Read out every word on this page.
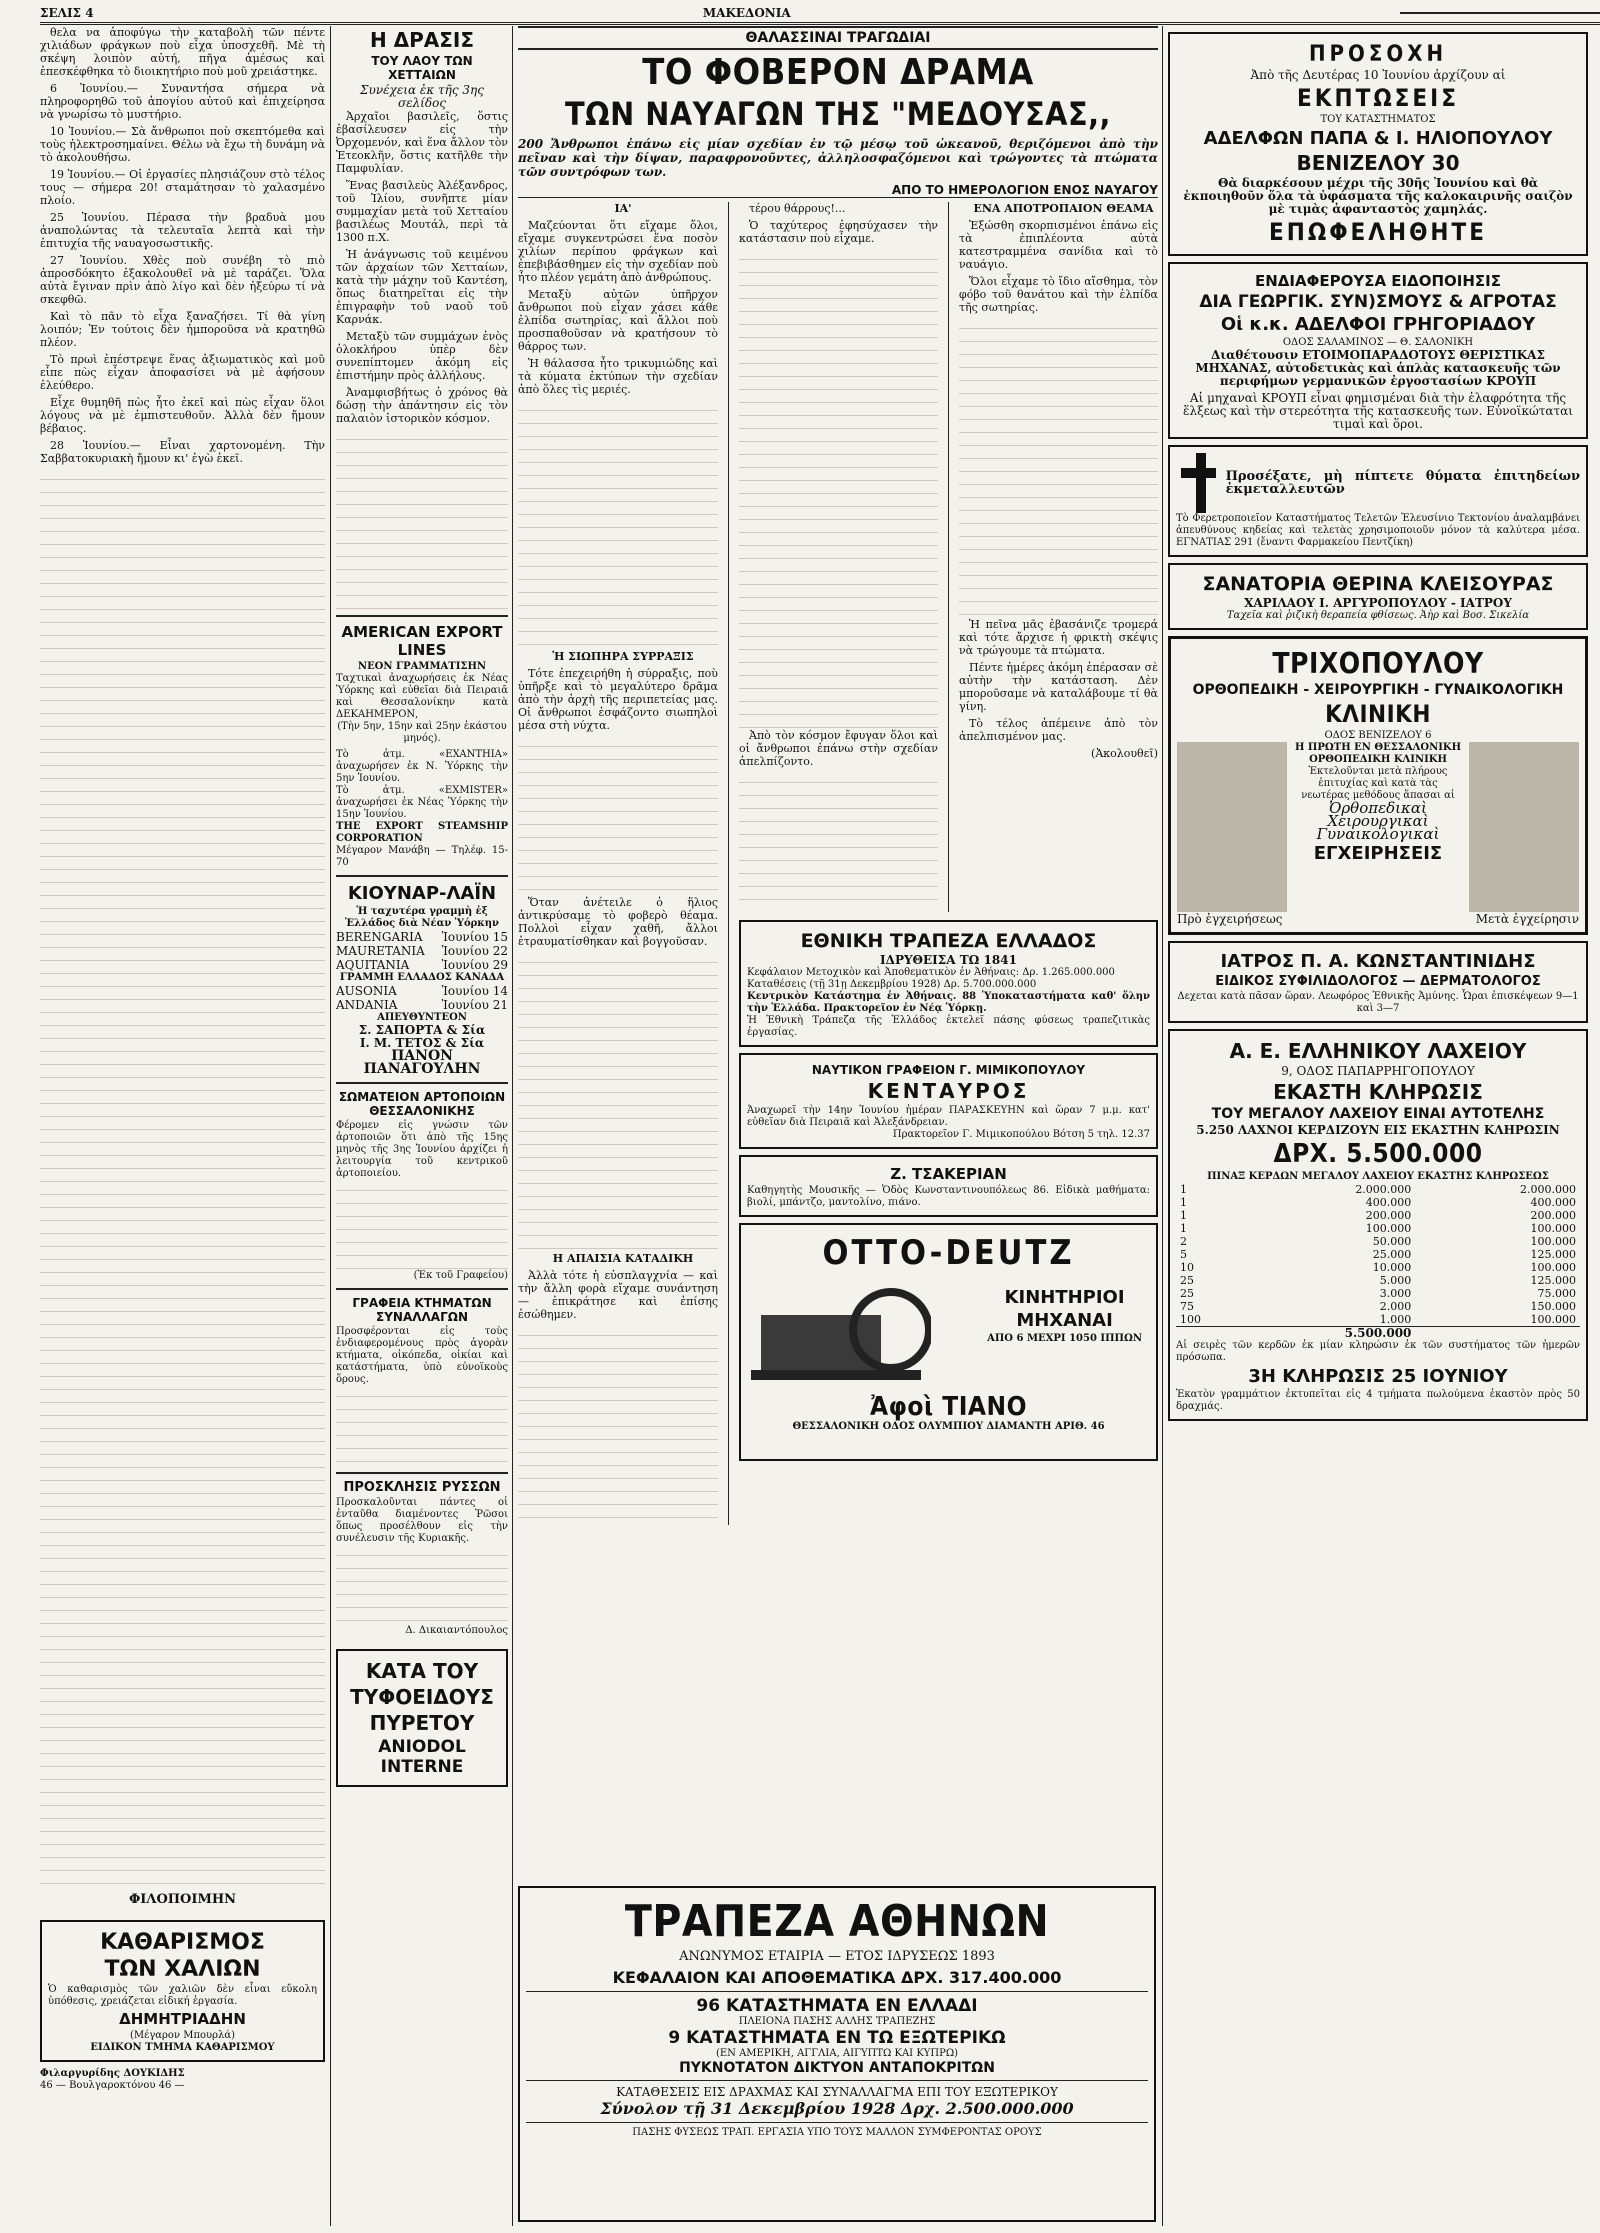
ΣΕΛΙΣ 4	ΜΑΚΕΔΟΝΙΑ

θελα να ἀποφύγω τὴν καταβολὴ τῶν πέντε χιλιάδων φράγκων ποὺ εἶχα ὑποσχεθῆ. Μὲ τὴ σκέψη λοιπὸν αὐτή, πῆγα ἀμέσως καὶ ἐπεσκέφθηκα τὸ διοικητήριο ποὺ μοῦ χρειάστηκε.

6 Ἰουνίου.— Συναντήσα σήμερα νὰ πληροφορηθῶ τοῦ ἀπογίου αὐτοῦ καὶ ἐπιχείρησα νὰ γνωρίσω τὸ μυστήριο.

10 Ἰουνίου.— Σὰ ἄνθρωποι ποὺ σκεπτόμεθα καὶ τοὺς ἠλεκτροσημαίνει. Θέλω νὰ ἔχω τὴ δυνάμη νὰ τὸ ἀκολουθήσω.

19 Ἰουνίου.— Οἱ ἐργασίες πλησιάζουν στὸ τέλος τους — σήμερα 20! σταμάτησαν τὸ χαλασμένο πλοίο.

25 Ἰουνίου. Πέρασα τὴν βραδυὰ μου ἀναπολώντας τὰ τελευταῖα λεπτὰ καὶ τὴν ἐπιτυχία τῆς ναυαγοσωστικῆς.

27 Ἰουνίου. Χθὲς ποὺ συνέβη τὸ πιὸ ἀπροσδόκητο ἐξακολουθεῖ νὰ μὲ ταράζει. Ὅλα αὐτὰ ἔγιναν πρὶν ἀπὸ λίγο καὶ δὲν ἠξεύρω τί νὰ σκεφθῶ.

Καὶ τὸ πᾶν τὸ εἶχα ξαναζήσει. Τί θὰ γίνη λοιπόν; Ἐν τούτοις δὲν ἠμποροῦσα νὰ κρατηθῶ πλέον.

Τὸ πρωὶ ἐπέστρεψε ἕνας ἀξιωματικὸς καὶ μοῦ εἶπε πὼς εἶχαν ἀποφασίσει νὰ μὲ ἀφήσουν ἐλεύθερο.

Εἶχε θυμηθῆ πὼς ἦτο ἐκεῖ καὶ πὼς εἶχαν ὅλοι λόγους νὰ μὲ ἐμπιστευθοῦν. Ἀλλὰ δὲν ἤμουν βέβαιος.

28 Ἰουνίου.— Εἶναι χαρτονομένη. Τὴν Σαββατοκυριακὴ ἤμουν κι' ἐγὼ ἐκεῖ.

ΦΙΛΟΠΟΙΜΗΝ
ΚΑΘΑΡΙΣΜΟΣ
ΤΩΝ ΧΑΛΙΩΝ
Ὁ καθαρισμὸς τῶν χαλιῶν δὲν εἶναι εὔκολη ὑπόθεσις, χρειάζεται εἰδική ἐργασία.
ΔΗΜΗΤΡΙΑΔΗΝ
(Μέγαρον Μπουρλά)
ΕΙΔΙΚΟΝ ΤΜΗΜΑ ΚΑΘΑΡΙΣΜΟΥ
Φιλαργυρίδης ΔΟΥΚΙΔΗΣ
46 — Βουλγαροκτόνου 46 —
Η ΔΡΑΣΙΣ
ΤΟΥ ΛΑΟΥ ΤΩΝ ΧΕΤΤΑΙΩΝ
Συνέχεια ἐκ τῆς 3ης σελίδος

Ἀρχαῖοι βασιλεῖς, ὅστις ἐβασίλευσεν εἰς τὴν Ὀρχομενόν, καὶ ἕνα ἄλλον τὸν Ἐτεοκλῆν, ὅστις κατῆλθε τὴν Παμφυλίαν.

Ἕνας βασιλεὺς Ἀλέξανδρος, τοῦ Ἰλίου, συνῆπτε μίαν συμμαχίαν μετὰ τοῦ Χετταίου βασιλέως Μουτάλ, περὶ τὰ 1300 π.Χ.

Ἡ ἀνάγνωσις τοῦ κειμένου τῶν ἀρχαίων τῶν Χετταίων, κατὰ τὴν μάχην τοῦ Καντέση, ὅπως διατηρεῖται εἰς τὴν ἐπιγραφὴν τοῦ ναοῦ τοῦ Καρνάκ.

Μεταξὺ τῶν συμμάχων ἐνὸς ὁλοκλήρου ὑπὲρ δὲν συνεπίπτομεν ἀκόμη εἰς ἐπιστήμην πρὸς ἀλλήλους.

Ἀναμφισβήτως ὁ χρόνος θὰ δώσῃ τὴν ἀπάντησιν εἰς τὸν παλαιὸν ἱστορικὸν κόσμον.

AMERICAN EXPORT LINES
ΝΕΟΝ ΓΡΑΜΜΑΤΙΣΗΝ
Ταχτικαὶ ἀναχωρήσεις ἐκ Νέας Ὑόρκης καὶ εὐθεῖαι διὰ Πειραιᾶ καὶ Θεσσαλονίκην κατὰ ΔΕΚΑΗΜΕΡΟΝ,
(Τὴν 5ην, 15ην καὶ 25ην ἑκάστου μηνός).
Τὸ ἀτμ. «EXANTHIA» ἀναχωρήσεν ἐκ Ν. Ὑόρκης τὴν 5ην Ἰουνίου.
Τὸ ἀτμ. «EXMISTER» ἀναχωρήσει ἐκ Νέας Ὑόρκης τὴν 15ην Ἰουνίου.
THE EXPORT STEAMSHIP CORPORATION
Μέγαρον Μανάβη — Τηλέφ. 15-70
ΚΙΟΥΝΑΡ-ΛΑΪΝ
Ἡ ταχυτέρα γραμμὴ ἐξ Ἑλλάδος διὰ Νέαν Ὑόρκην
BERENGARIA Ἰουνίου 15
MAURETANIA Ἰουνίου 22
AQUITANIA	Ἰουνίου 29
ΓΡΑΜΜΗ ΕΛΛΑΔΟΣ ΚΑΝΑΔΑ
AUSONIA	Ἰουνίου 14
ANDANIA	Ἰουνίου 21
ΑΠΕΥΘΥΝΤΕΟΝ
Σ. ΣΑΠΟΡΤΑ & Σία
Ι. Μ. ΤΕΤΟΣ & Σία
ΠΑΝΟΝ ΠΑΝΑΓΟΥΛΗΝ
ΣΩΜΑΤΕΙΟΝ ΑΡΤΟΠΟΙΩΝ ΘΕΣΣΑΛΟΝΙΚΗΣ
Φέρομεν εἰς γνώσιν τῶν ἀρτοποιῶν ὅτι ἀπὸ τῆς 15ης μηνὸς τῆς 3ης Ἰουνίου ἀρχίζει ἡ λειτουργία τοῦ κεντρικοῦ ἀρτοποιείου.
(Ἐκ τοῦ Γραφείου)
ΓΡΑΦΕΙΑ ΚΤΗΜΑΤΩΝ ΣΥΝΑΛΛΑΓΩΝ
Προσφέρονται εἰς τοὺς ἐνδιαφερομένους πρὸς ἀγορὰν κτήματα, οἰκόπεδα, οἰκίαι καὶ κατάστήματα, ὑπὸ εὐνοϊκοὺς ὅρους.
ΠΡΟΣΚΛΗΣΙΣ ΡΥΣΣΩΝ
Προσκαλοῦνται πάντες οἱ ἐνταῦθα διαμένοντες Ῥῶσοι ὅπως προσέλθουν εἰς τὴν συνέλευσιν τῆς Κυριακῆς.
Δ. Δικαιαντόπουλος
ΚΑΤΑ ΤΟΥ
ΤΥΦΟΕΙΔΟΥΣ
ΠΥΡΕΤΟΥ
ANIODOL INTERNE
ΘΑΛΑΣΣΙΝΑΙ ΤΡΑΓΩΔΙΑΙ
ΤΟ ΦΟΒΕΡΟΝ ΔΡΑΜΑ
ΤΩΝ ΝΑΥΑΓΩΝ ΤΗΣ "ΜΕΔΟΥΣΑΣ,,
200 Ἄνθρωποι ἐπάνω εἰς μίαν σχεδίαν ἐν τῷ μέσῳ τοῦ ὠκεανοῦ, θεριζόμενοι ἀπὸ τὴν πεῖναν καὶ τὴν δίψαν, παραφρονοῦντες, ἀλληλοσφαζόμενοι καὶ τρώγοντες τὰ πτώματα τῶν συντρόφων των.
ΑΠΟ ΤΟ ΗΜΕΡΟΛΟΓΙΟΝ ΕΝΟΣ ΝΑΥΑΓΟΥ

ΙΑ'

Μαζεύονται ὅτι εἴχαμε ὅλοι, εἴχαμε συγκεντρώσει ἕνα ποσὸν χιλίων περίπου φράγκων καὶ ἐπεβιβάσθημεν εἰς τὴν σχεδίαν ποὺ ἦτο πλέον γεμάτη ἀπὸ ἀνθρώπους.

Μεταξὺ αὐτῶν ὑπῆρχον ἄνθρωποι ποὺ εἶχαν χάσει κάθε ἐλπίδα σωτηρίας, καὶ ἄλλοι ποὺ προσπαθοῦσαν νὰ κρατήσουν τὸ θάρρος των.

Ἡ θάλασσα ἦτο τρικυμιώδης καὶ τὰ κύματα ἐκτύπων τὴν σχεδίαν ἀπὸ ὅλες τὶς μεριές.

Ἡ ΣΙΩΠΗΡΑ ΣΥΡΡΑΞΙΣ

Τότε ἐπεχειρήθη ἡ σύρραξις, ποὺ ὑπῆρξε καὶ τὸ μεγαλύτερο δρᾶμα ἀπὸ τὴν ἀρχὴ τῆς περιπετείας μας. Οἱ ἄνθρωποι ἐσφάζοντο σιωπηλοὶ μέσα στὴ νύχτα.

Ὅταν ἀνέτειλε ὁ ἥλιος ἀντικρύσαμε τὸ φοβερὸ θέαμα. Πολλοὶ εἶχαν χαθῆ, ἄλλοι ἐτραυματίσθηκαν καὶ βογγοῦσαν.

Η ΑΠΑΙΣΙΑ ΚΑΤΑΔΙΚΗ

Ἀλλὰ τότε ἡ εὐσπλαγχνία — καὶ τὴν ἄλλη φορὰ εἴχαμε συνάντηση — ἐπικράτησε καὶ ἐπίσης ἐσώθημεν.

τέρου θάρρους!...

Ὁ ταχύτερος ἐφησύχασεν τὴν κατάστασιν ποὺ εἶχαμε.

Ἀπὸ τὸν κόσμον ἔφυγαν ὅλοι καὶ οἱ ἄνθρωποι ἐπάνω στὴν σχεδίαν ἀπελπίζοντο.

ΕΝΑ ΑΠΟΤΡΟΠΑΙΟΝ ΘΕΑΜΑ

Ἐξώσθη σκορπισμένοι ἐπάνω εἰς τὰ ἐπιπλέοντα αὐτὰ κατεστραμμένα σανίδια καὶ τὸ ναυάγιο.

Ὅλοι εἶχαμε τὸ ἴδιο αἴσθημα, τὸν φόβο τοῦ θανάτου καὶ τὴν ἐλπίδα τῆς σωτηρίας.

Ἡ πεῖνα μᾶς ἐβασάνιζε τρομερά καὶ τότε ἄρχισε ἡ φρικτὴ σκέψις νὰ τρώγουμε τὰ πτώματα.

Πέντε ἡμέρες ἀκόμη ἐπέρασαν σὲ αὐτὴν τὴν κατάσταση. Δὲν μποροῦσαμε νὰ καταλάβουμε τί θὰ γίνη.

Τὸ τέλος ἀπέμεινε ἀπὸ τὸν ἀπελπισμένον μας.

(Ἀκολουθεῖ)
ΕΘΝΙΚΗ ΤΡΑΠΕΖΑ ΕΛΛΑΔΟΣ
ΙΔΡΥΘΕΙΣΑ ΤΩ 1841
Κεφάλαιον Μετοχικὸν καὶ Ἀποθεματικὸν ἐν Ἀθήναις: Δρ. 1.265.000.000
Καταθέσεις (τῇ 31ῃ Δεκεμβρίου 1928) Δρ. 5.700.000.000
Κεντρικὸν Κατάστημα ἐν Ἀθήναις. 88 Ὑποκαταστήματα καθ' ὅλην τὴν Ἑλλάδα. Πρακτορεῖον ἐν Νέᾳ Ὑόρκῃ.
Ἡ Ἐθνικὴ Τράπεζα τῆς Ἑλλάδος ἐκτελεῖ πάσης φύσεως τραπεζιτικὰς ἐργασίας.
ΝΑΥΤΙΚΟΝ ΓΡΑΦΕΙΟΝ Γ. ΜΙΜΙΚΟΠΟΥΛΟΥ
ΚΕΝΤΑΥΡΟΣ
Ἀναχωρεῖ τὴν 14ην Ἰουνίου ἡμέραν ΠΑΡΑΣΚΕΥΗΝ καὶ ὥραν 7 μ.μ. κατ' εὐθεῖαν διὰ Πειραιᾶ καὶ Ἀλεξάνδρειαν.
Πρακτορεῖον Γ. Μιμικοπούλου Βότση 5 τηλ. 12.37
Ζ. ΤΣΑΚΕΡΙΑΝ
Καθηγητὴς Μουσικῆς — Ὁδὸς Κωνσταντινουπόλεως 86. Εἰδικὰ μαθήματα: βιολί, μπάντζο, μαντολίνο, πιάνο.
OTTO-DEUTZ
ΚΙΝΗΤΗΡΙΟΙ
ΜΗΧΑΝΑΙ
ΑΠΟ 6 ΜΕΧΡΙ 1050 ΙΠΠΩΝ
Ἀφοὶ ΤΙΑΝΟ
ΘΕΣΣΑΛΟΝΙΚΗ ΟΔΟΣ ΟΛΥΜΠΙΟΥ ΔΙΑΜΑΝΤΗ ΑΡΙΘ. 46
ΤΡΑΠΕΖΑ ΑΘΗΝΩΝ
ΑΝΩΝΥΜΟΣ ΕΤΑΙΡΙΑ — ΕΤΟΣ ΙΔΡΥΣΕΩΣ 1893
ΚΕΦΑΛΑΙΟΝ ΚΑΙ ΑΠΟΘΕΜΑΤΙΚΑ ΔΡΧ. 317.400.000
96 ΚΑΤΑΣΤΗΜΑΤΑ ΕΝ ΕΛΛΑΔΙ
ΠΛΕΙΟΝΑ ΠΑΣΗΣ ΑΛΛΗΣ ΤΡΑΠΕΖΗΣ
9 ΚΑΤΑΣΤΗΜΑΤΑ ΕΝ ΤΩ ΕΞΩΤΕΡΙΚΩ
(ΕΝ ΑΜΕΡΙΚΗ, ΑΓΓΛΙΑ, ΑΙΓΥΠΤΩ ΚΑΙ ΚΥΠΡΩ)
ΠΥΚΝΟΤΑΤΟΝ ΔΙΚΤΥΟΝ ΑΝΤΑΠΟΚΡΙΤΩΝ
ΚΑΤΑΘΕΣΕΙΣ ΕΙΣ ΔΡΑΧΜΑΣ ΚΑΙ ΣΥΝΑΛΛΑΓΜΑ ΕΠΙ ΤΟΥ ΕΞΩΤΕΡΙΚΟΥ
Σύνολον τῇ 31 Δεκεμβρίου 1928 Δρχ. 2.500.000.000
ΠΑΣΗΣ ΦΥΣΕΩΣ ΤΡΑΠ. ΕΡΓΑΣΙΑ ΥΠΟ ΤΟΥΣ ΜΑΛΛΟΝ ΣΥΜΦΕΡΟΝΤΑΣ ΟΡΟΥΣ
ΠΡΟΣΟΧΗ
Ἀπὸ τῆς Δευτέρας 10 Ἰουνίου ἀρχίζουν αἱ
ΕΚΠΤΩΣΕΙΣ
ΤΟΥ ΚΑΤΑΣΤΗΜΑΤΟΣ
ΑΔΕΛΦΩΝ ΠΑΠΑ & Ι. ΗΛΙΟΠΟΥΛΟΥ
ΒΕΝΙΖΕΛΟΥ 30
Θὰ διαρκέσουν μέχρι τῆς 30ῆς Ἰουνίου καὶ θὰ ἐκποιηθοῦν ὅλα τὰ ὑφάσματα τῆς καλοκαιρινῆς σαιζὸν μὲ τιμὰς ἀφανταστὸς χαμηλάς.
ΕΠΩΦΕΛΗΘΗΤΕ
ΕΝΔΙΑΦΕΡΟΥΣΑ ΕΙΔΟΠΟΙΗΣΙΣ
ΔΙΑ ΓΕΩΡΓΙΚ. ΣΥΝ)ΣΜΟΥΣ & ΑΓΡΟΤΑΣ
Οἱ κ.κ. ΑΔΕΛΦΟΙ ΓΡΗΓΟΡΙΑΔΟΥ
ΟΔΟΣ ΣΑΛΑΜΙΝΟΣ — Θ. ΣΑΛΟΝΙΚΗ
Διαθέτουσιν ΕΤΟΙΜΟΠΑΡΑΔΟΤΟΥΣ ΘΕΡΙΣΤΙΚΑΣ ΜΗΧΑΝΑΣ, αὐτοδετικὰς καὶ ἁπλὰς κατασκευῆς τῶν περιφήμων γερμανικῶν ἐργοστασίων ΚΡΟΥΠ
Αἱ μηχαναὶ ΚΡΟΥΠ εἶναι φημισμέναι διὰ τὴν ἐλαφρότητα τῆς ἕλξεως καὶ τὴν στερεότητα τῆς κατασκευῆς των. Εὐνοϊκώταται τιμαὶ καὶ ὅροι.
Προσέξατε, μὴ πίπτετε θύματα ἐπιτηδείων ἐκμεταλλευτῶν
Τὸ Φερετροποιεῖον Καταστήματος Τελετῶν Ἐλευσίνιο Τεκτονίου ἀναλαμβάνει ἀπευθύνους κηδείας καὶ τελετὰς χρησιμοποιοῦν μόνον τὰ καλύτερα μέσα. ΕΓΝΑΤΙΑΣ 291 (ἔναντι Φαρμακείου Πεντζίκη)
ΣΑΝΑΤΟΡΙΑ ΘΕΡΙΝΑ ΚΛΕΙΣΟΥΡΑΣ
ΧΑΡΙΛΑΟΥ Ι. ΑΡΓΥΡΟΠΟΥΛΟΥ - ΙΑΤΡΟΥ
Ταχεῖα καὶ ῥιζικὴ θεραπεία φθίσεως. Ἀὴρ καὶ Βοσ. Σικελία
ΤΡΙΧΟΠΟΥΛΟΥ
ΟΡΘΟΠΕΔΙΚΗ - ΧΕΙΡΟΥΡΓΙΚΗ - ΓΥΝΑΙΚΟΛΟΓΙΚΗ
ΚΛΙΝΙΚΗ
ΟΔΟΣ ΒΕΝΙΖΕΛΟΥ 6
Η ΠΡΩΤΗ ΕΝ ΘΕΣΣΑΛΟΝΙΚΗ ΟΡΘΟΠΕΔΙΚΗ ΚΛΙΝΙΚΗ
Ἐκτελοῦνται μετὰ πλήρους ἐπιτυχίας καὶ κατὰ τὰς νεωτέρας μεθόδους ἅπασαι αἱ
Ὀρθοπεδικαὶ
Χειρουργικαὶ
Γυναικολογικαὶ
ΕΓΧΕΙΡΗΣΕΙΣ
Πρὸ ἐγχειρήσεως	Μετὰ ἐγχείρησιν
ΙΑΤΡΟΣ Π. Α. ΚΩΝΣΤΑΝΤΙΝΙΔΗΣ
ΕΙΔΙΚΟΣ ΣΥΦΙΛΙΔΟΛΟΓΟΣ — ΔΕΡΜΑΤΟΛΟΓΟΣ
Δεχεται κατὰ πᾶσαν ὥραν. Λεωφόρος Ἐθνικῆς Ἀμύνης. Ὧραι ἐπισκέψεων 9—1 καὶ 3—7
Α. Ε. ΕΛΛΗΝΙΚΟΥ ΛΑΧΕΙΟΥ
9, ΟΔΟΣ ΠΑΠΑΡΡΗΓΟΠΟΥΛΟΥ
ΕΚΑΣΤΗ ΚΛΗΡΩΣΙΣ
ΤΟΥ ΜΕΓΑΛΟΥ ΛΑΧΕΙΟΥ ΕΙΝΑΙ ΑΥΤΟΤΕΛΗΣ
5.250 ΛΑΧΝΟΙ ΚΕΡΔΙΖΟΥΝ ΕΙΣ ΕΚΑΣΤΗΝ ΚΛΗΡΩΣΙΝ
ΔΡΧ. 5.500.000
ΠΙΝΑΞ ΚΕΡΔΩΝ ΜΕΓΑΛΟΥ ΛΑΧΕΙΟΥ ΕΚΑΣΤΗΣ ΚΛΗΡΩΣΕΩΣ
1	2.000.000	2.000.000
1	400.000	400.000
1	200.000	200.000
1	100.000	100.000
2	50.000	100.000
5	25.000	125.000
10	10.000	100.000
25	5.000	125.000
25	3.000	75.000
75	2.000	150.000
100	1.000	100.000
5.500.000
Αἱ σειρὲς τῶν κερδῶν ἐκ μίαν κληρώσιν ἐκ τῶν συστήματος τῶν ἡμερῶν πρόσωπα.
3Η ΚΛΗΡΩΣΙΣ 25 ΙΟΥΝΙΟΥ
Ἑκατὸν γραμμάτιον ἐκτυπεῖται εἰς 4 τμήματα πωλούμενα ἐκαστὸν πρὸς 50 δραχμάς.
